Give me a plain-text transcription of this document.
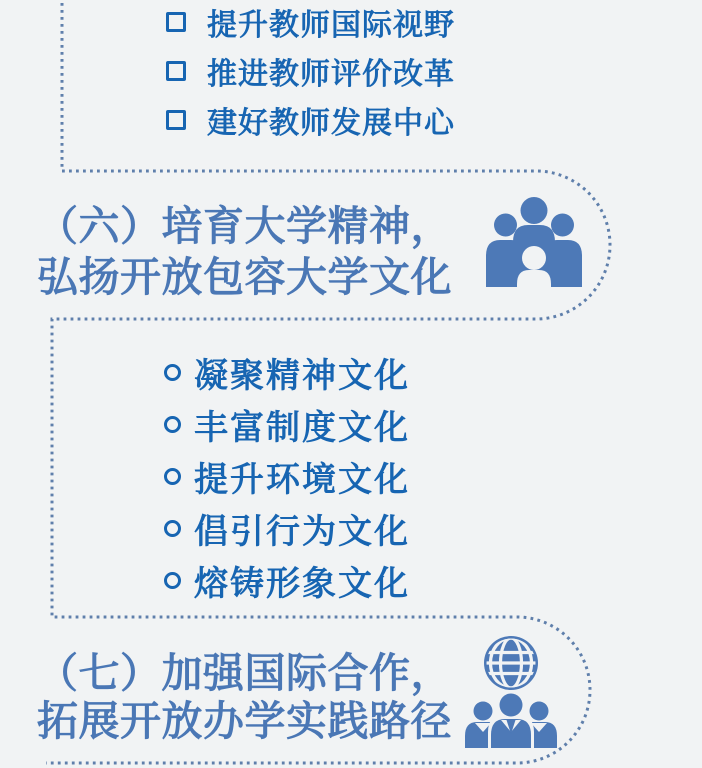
提升教师国际视野
推进教师评价改革
建好教师发展中心
（六）培育大学精神，
弘扬开放包容大学文化
凝聚精神文化
丰富制度文化
提升环境文化
倡引行为文化
熔铸形象文化
（七）加强国际合作，
拓展开放办学实践路径
